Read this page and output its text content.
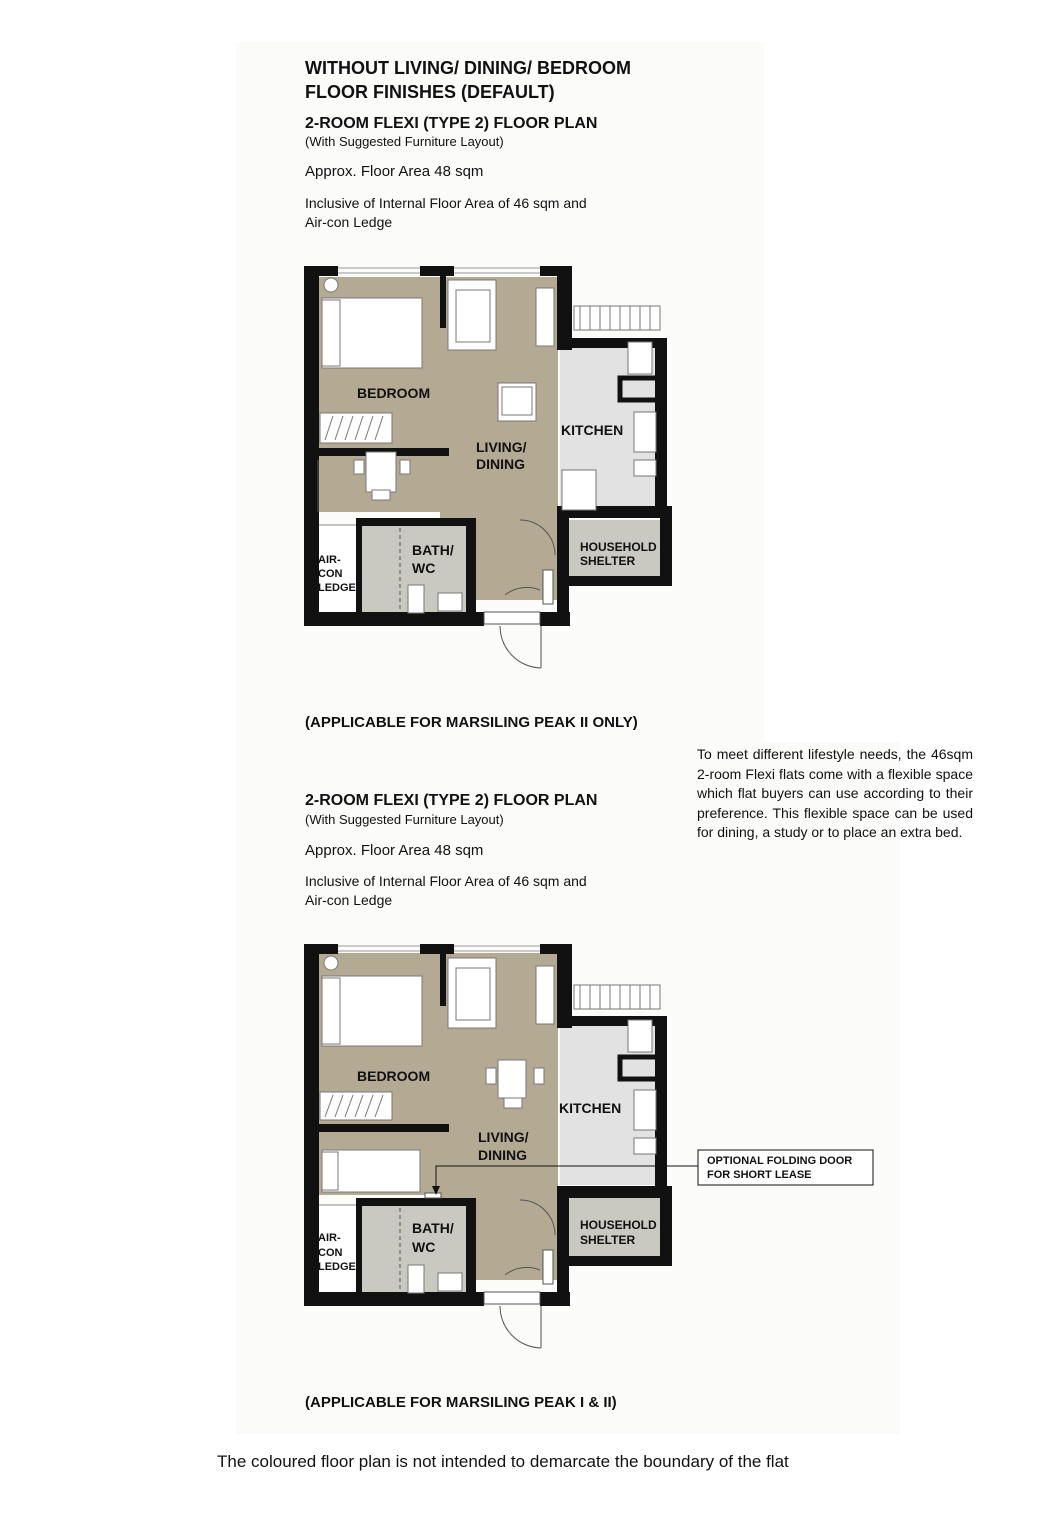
WITHOUT LIVING/ DINING/ BEDROOM
FLOOR FINISHES (DEFAULT)
2-ROOM FLEXI (TYPE 2) FLOOR PLAN
(With Suggested Furniture Layout)
Approx. Floor Area 48 sqm
Inclusive of Internal Floor Area of 46 sqm and
Air-con Ledge
BEDROOM
LIVING/
DINING
KITCHEN
BATH/
WC
HOUSEHOLD
SHELTER
AIR-
CON
LEDGE
(APPLICABLE FOR MARSILING PEAK II ONLY)
To meet different lifestyle needs, the 46sqm 2-room Flexi flats come with a flexible space which flat buyers can use according to their preference. This flexible space can be used for dining, a study or to place an extra bed.
2-ROOM FLEXI (TYPE 2) FLOOR PLAN
(With Suggested Furniture Layout)
Approx. Floor Area 48 sqm
Inclusive of Internal Floor Area of 46 sqm and
Air-con Ledge
BEDROOM
LIVING/
DINING
KITCHEN
BATH/
WC
HOUSEHOLD
SHELTER
AIR-
CON
LEDGE
OPTIONAL FOLDING DOOR
FOR SHORT LEASE
(APPLICABLE FOR MARSILING PEAK I & II)
The coloured floor plan is not intended to demarcate the boundary of the flat
